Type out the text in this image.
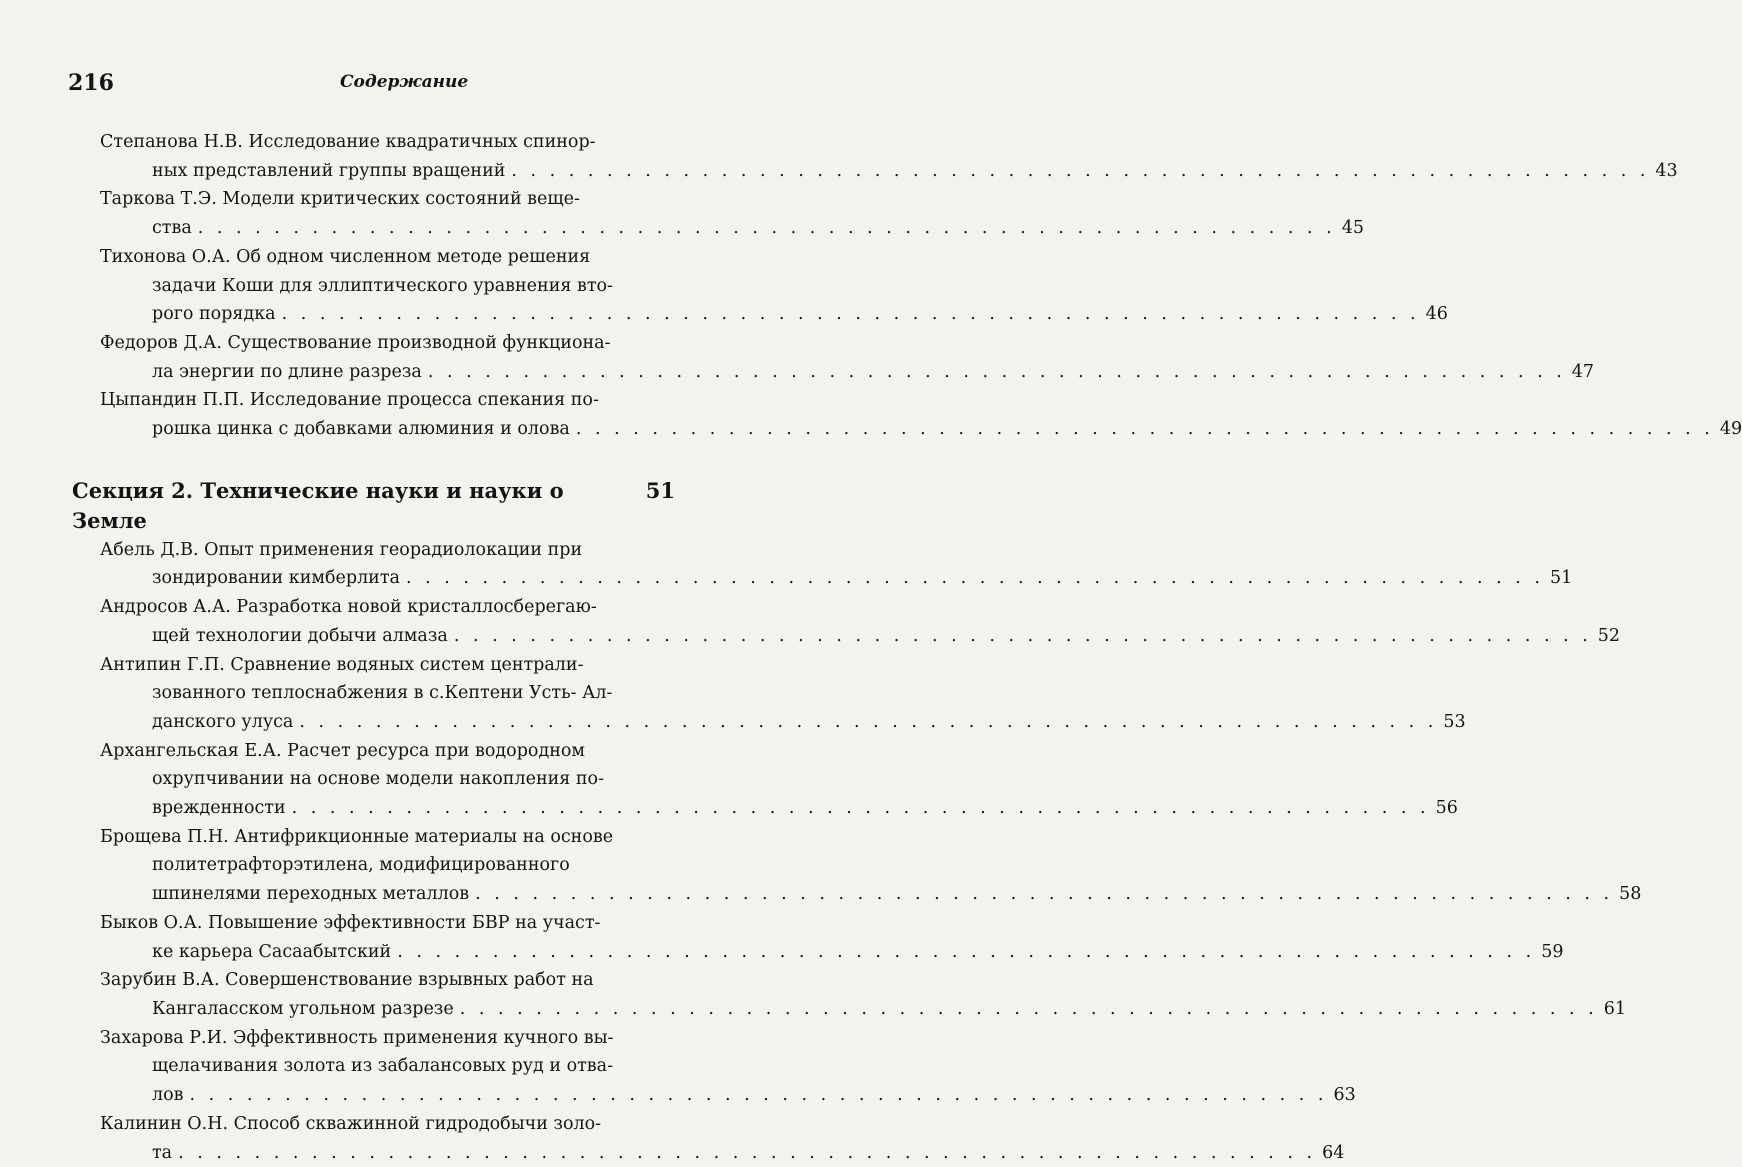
216	Содержание
Степанова Н.В. Исследование квадратичных спинор-
ных представлений группы вращений . . . . . . . . . . . . . . . . . . . . . . . . . . . . . . . . . . . . . . . . . . . . . . . . . . . . . . . . . . . . 43
Таркова Т.Э. Модели критических состояний веще-
ства . . . . . . . . . . . . . . . . . . . . . . . . . . . . . . . . . . . . . . . . . . . . . . . . . . . . . . . . . . . . 45
Тихонова О.А. Об одном численном методе решения
задачи Коши для эллиптического уравнения вто-
рого порядка . . . . . . . . . . . . . . . . . . . . . . . . . . . . . . . . . . . . . . . . . . . . . . . . . . . . . . . . . . . . 46
Федоров Д.А. Существование производной функциона-
ла энергии по длине разреза . . . . . . . . . . . . . . . . . . . . . . . . . . . . . . . . . . . . . . . . . . . . . . . . . . . . . . . . . . . . 47
Цыпандин П.П. Исследование процесса спекания по-
рошка цинка с добавками алюминия и олова . . . . . . . . . . . . . . . . . . . . . . . . . . . . . . . . . . . . . . . . . . . . . . . . . . . . . . . . . . . . 49
Секция 2. Технические науки и науки о Земле
51
Абель Д.В. Опыт применения георадиолокации при
зондировании кимберлита . . . . . . . . . . . . . . . . . . . . . . . . . . . . . . . . . . . . . . . . . . . . . . . . . . . . . . . . . . . . 51
Андросов А.А. Разработка новой кристаллосберегаю-
щей технологии добычи алмаза . . . . . . . . . . . . . . . . . . . . . . . . . . . . . . . . . . . . . . . . . . . . . . . . . . . . . . . . . . . . 52
Антипин Г.П. Сравнение водяных систем централи-
зованного теплоснабжения в с.Кептени Усть- Ал-
данского улуса . . . . . . . . . . . . . . . . . . . . . . . . . . . . . . . . . . . . . . . . . . . . . . . . . . . . . . . . . . . . 53
Архангельская Е.А. Расчет ресурса при водородном
охрупчивании на основе модели накопления по-
врежденности . . . . . . . . . . . . . . . . . . . . . . . . . . . . . . . . . . . . . . . . . . . . . . . . . . . . . . . . . . . . 56
Брощева П.Н. Антифрикционные материалы на основе
политетрафторэтилена, модифицированного
шпинелями переходных металлов . . . . . . . . . . . . . . . . . . . . . . . . . . . . . . . . . . . . . . . . . . . . . . . . . . . . . . . . . . . . 58
Быков О.А. Повышение эффективности БВР на участ-
ке карьера Сасаабытский . . . . . . . . . . . . . . . . . . . . . . . . . . . . . . . . . . . . . . . . . . . . . . . . . . . . . . . . . . . . 59
Зарубин В.А. Совершенствование взрывных работ на
Кангаласском угольном разрезе . . . . . . . . . . . . . . . . . . . . . . . . . . . . . . . . . . . . . . . . . . . . . . . . . . . . . . . . . . . . 61
Захарова Р.И. Эффективность применения кучного вы-
щелачивания золота из забалансовых руд и отва-
лов . . . . . . . . . . . . . . . . . . . . . . . . . . . . . . . . . . . . . . . . . . . . . . . . . . . . . . . . . . . . 63
Калинин О.Н. Способ скважинной гидродобычи золо-
та . . . . . . . . . . . . . . . . . . . . . . . . . . . . . . . . . . . . . . . . . . . . . . . . . . . . . . . . . . . . 64
